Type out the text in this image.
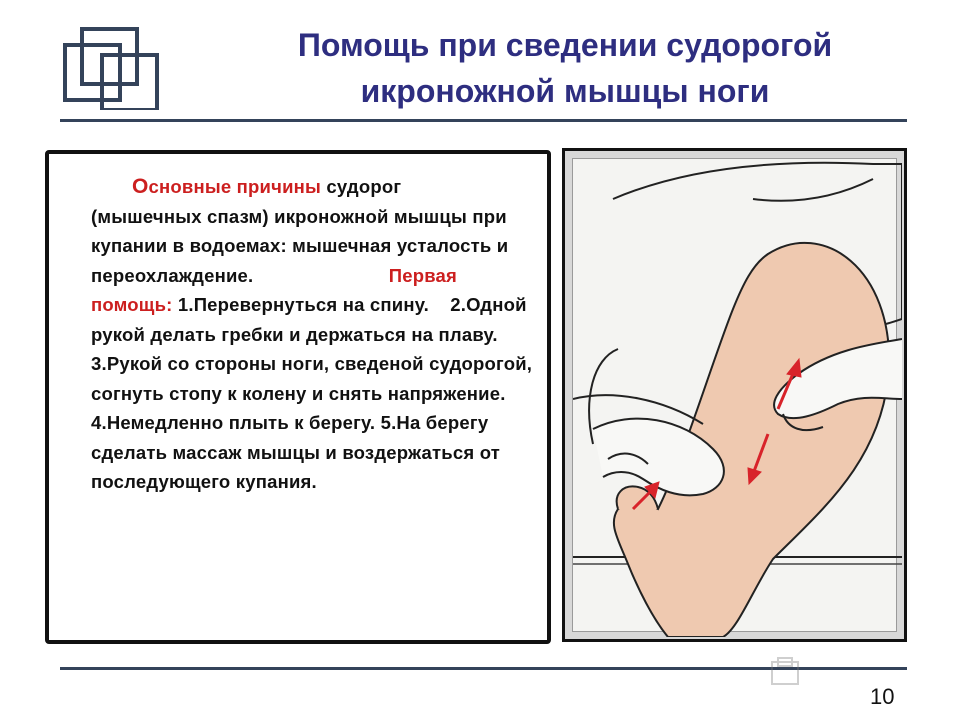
Помощь при сведении судорогой
икроножной мышцы ноги
Основные причины судорог
(мышечных спазм) икроножной мышцы при купании в водоемах: мышечная усталость и переохлаждение.	Первая помощь: 1.Перевернуться на спину.    2.Одной рукой делать гребки и держаться на плаву. 3.Рукой со стороны ноги, сведеной судорогой, согнуть стопу к колену и снять напряжение.     4.Немедленно плыть к берегу. 5.На берегу сделать массаж мышцы и воздержаться от последующего купания.
10
